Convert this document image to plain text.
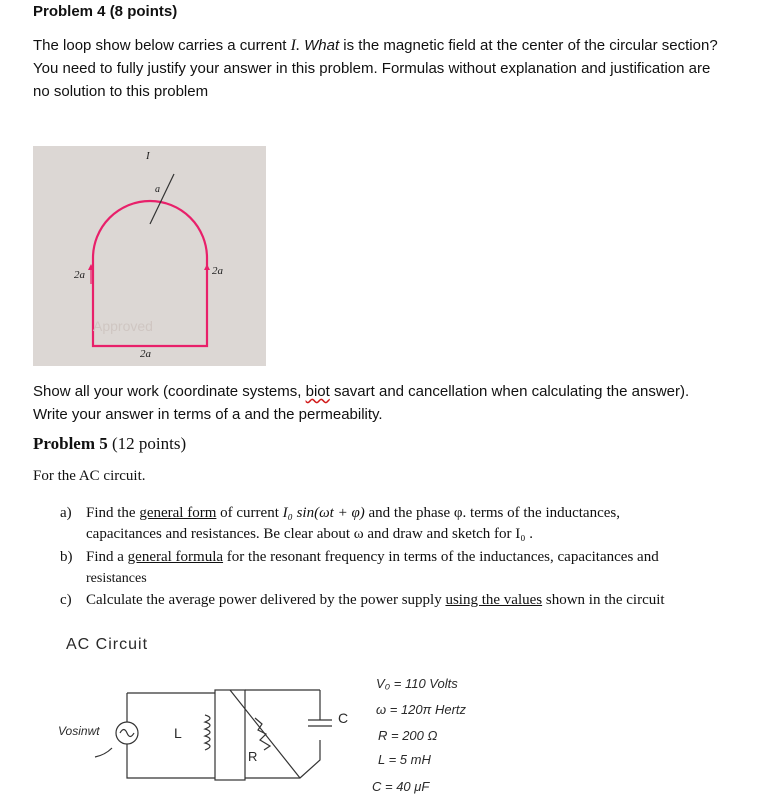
Problem 4 (8 points)
The loop show below carries a current I. What is the magnetic field at the center of the circular section?
You need to fully justify your answer in this problem. Formulas without explanation and justification are
no solution to this problem
Approved
I
a
2a	2a
2a
Show all your work (coordinate systems, biot savart and cancellation when calculating the answer).
Write your answer in terms of a and the permeability.
Problem 5 (12 points)
For the AC circuit.
a) Find the general form of current I₀ sin(ωt + φ) and the phase φ. terms of the inductances,
capacitances and resistances. Be clear about ω and draw and sketch for I₀ .
b) Find a general formula for the resonant frequency in terms of the inductances, capacitances and
resistances
c) Calculate the average power delivered by the power supply using the values shown in the circuit
AC Circuit
Vosinwt	L
R
C
V₀ = 110 Volts
ω = 120π Hertz
R = 200 Ω
L = 5 mH
C = 40 μF
